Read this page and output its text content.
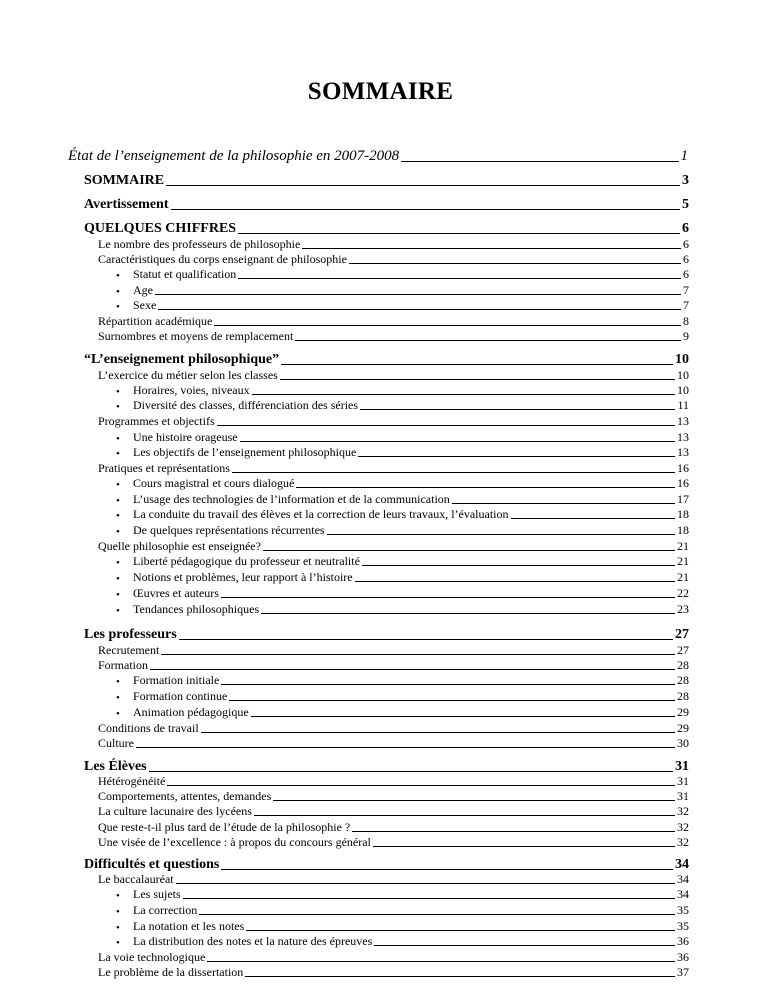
SOMMAIRE
État de l’enseignement de la philosophie en 2007-2008	1
SOMMAIRE	3
Avertissement	5
QUELQUES CHIFFRES	6
Le nombre des professeurs de philosophie	6
Caractéristiques du corps enseignant de philosophie	6
•	Statut et qualification	6
•	Age	7
•	Sexe	7
Répartition académique	8
Surnombres et moyens de remplacement	9
“L’enseignement philosophique”	10
L’exercice du métier selon les classes	10
•	Horaires, voies, niveaux	10
•	Diversité des classes, différenciation des séries	11
Programmes et objectifs	13
•	Une histoire orageuse	13
•	Les objectifs de l’enseignement philosophique	13
Pratiques et représentations	16
•	Cours magistral et cours dialogué	16
•	L’usage des technologies de l’information et de la communication	17
•	La conduite du travail des élèves et la correction de leurs travaux, l’évaluation	18
•	De quelques représentations récurrentes	18
Quelle philosophie est enseignée?	21
•	Liberté pédagogique du professeur et neutralité	21
•	Notions et problèmes, leur rapport à l’histoire	21
•	Œuvres et auteurs	22
•	Tendances philosophiques	23
Les professeurs	27
Recrutement	27
Formation	28
•	Formation initiale	28
•	Formation continue	28
•	Animation pédagogique	29
Conditions de travail	29
Culture	30
Les Élèves	31
Hétérogénéité	31
Comportements, attentes, demandes	31
La culture lacunaire des lycéens	32
Que reste-t-il plus tard de l’étude de la philosophie ?	32
Une visée de l’excellence : à propos du concours général	32
Difficultés et questions	34
Le baccalauréat	34
•	Les sujets	34
•	La correction	35
•	La notation et les notes	35
•	La distribution des notes et la nature des épreuves	36
La voie technologique	36
Le problème de la dissertation	37
